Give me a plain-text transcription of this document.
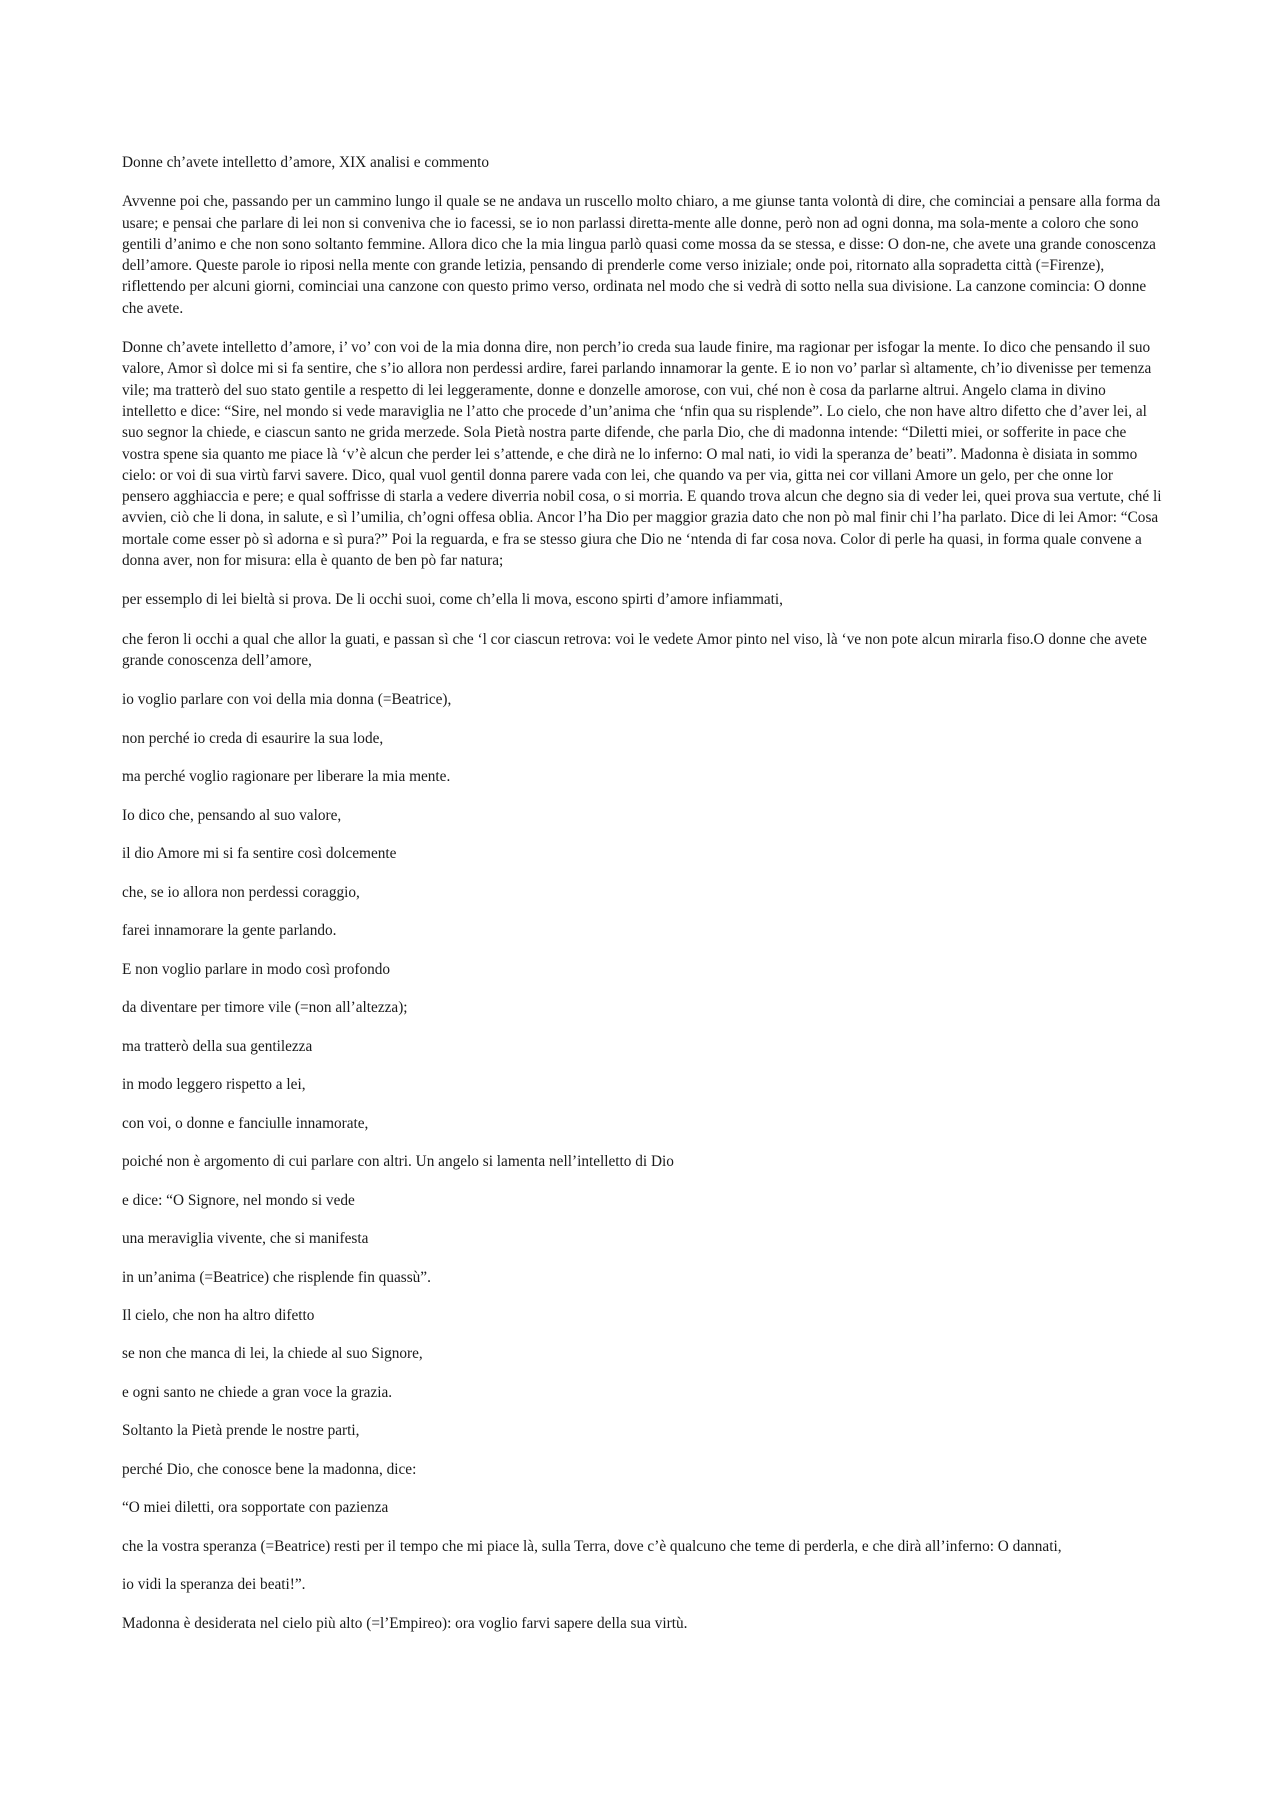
Donne ch’avete intelletto d’amore, XIX analisi e commento

Avvenne poi che, passando per un cammino lungo il quale se ne andava un ruscello molto chiaro, a me giunse tanta volontà di dire, che cominciai a pensare alla forma da usare; e pensai che parlare di lei non si conveniva che io facessi, se io non parlassi diretta-mente alle donne, però non ad ogni donna, ma sola-mente a coloro che sono gentili d’animo e che non sono soltanto femmine. Allora dico che la mia lingua parlò quasi come mossa da se stessa, e disse: O don-ne, che avete una grande conoscenza dell’amore. Queste parole io riposi nella mente con grande letizia, pensando di prenderle come verso iniziale; onde poi, ritornato alla sopradetta città (=Firenze), riflettendo per alcuni giorni, cominciai una canzone con questo primo verso, ordinata nel modo che si vedrà di sotto nella sua divisione. La canzone comincia: O donne che avete.

Donne ch’avete intelletto d’amore, i’ vo’ con voi de la mia donna dire, non perch’io creda sua laude finire, ma ragionar per isfogar la mente. Io dico che pensando il suo valore, Amor sì dolce mi si fa sentire, che s’io allora non perdessi ardire, farei parlando innamorar la gente. E io non vo’ parlar sì altamente, ch’io divenisse per temenza vile; ma tratterò del suo stato gentile a respetto di lei leggeramente, donne e donzelle amorose, con vui, ché non è cosa da parlarne altrui. Angelo clama in divino intelletto e dice: “Sire, nel mondo si vede maraviglia ne l’atto che procede d’un’anima che ‘nfin qua su risplende”. Lo cielo, che non have altro difetto che d’aver lei, al suo segnor la chiede, e ciascun santo ne grida merzede. Sola Pietà nostra parte difende, che parla Dio, che di madonna intende: “Diletti miei, or sofferite in pace che vostra spene sia quanto me piace là ‘v’è alcun che perder lei s’attende, e che dirà ne lo inferno: O mal nati, io vidi la speranza de’ beati”. Madonna è disiata in sommo cielo: or voi di sua virtù farvi savere. Dico, qual vuol gentil donna parere vada con lei, che quando va per via, gitta nei cor villani Amore un gelo, per che onne lor pensero agghiaccia e pere; e qual soffrisse di starla a vedere diverria nobil cosa, o si morria. E quando trova alcun che degno sia di veder lei, quei prova sua vertute, ché li avvien, ciò che li dona, in salute, e sì l’umilia, ch’ogni offesa oblia. Ancor l’ha Dio per maggior grazia dato che non pò mal finir chi l’ha parlato. Dice di lei Amor: “Cosa mortale come esser pò sì adorna e sì pura?” Poi la reguarda, e fra se stesso giura che Dio ne ‘ntenda di far cosa nova. Color di perle ha quasi, in forma quale convene a donna aver, non for misura: ella è quanto de ben pò far natura;

per essemplo di lei bieltà si prova. De li occhi suoi, come ch’ella li mova, escono spirti d’amore infiammati,

che feron li occhi a qual che allor la guati, e passan sì che ‘l cor ciascun retrova: voi le vedete Amor pinto nel viso, là ‘ve non pote alcun mirarla fiso.O donne che avete grande conoscenza dell’amore,

io voglio parlare con voi della mia donna (=Beatrice),

non perché io creda di esaurire la sua lode,

ma perché voglio ragionare per liberare la mia mente.

Io dico che, pensando al suo valore,

il dio Amore mi si fa sentire così dolcemente

che, se io allora non perdessi coraggio,

farei innamorare la gente parlando.

E non voglio parlare in modo così profondo

da diventare per timore vile (=non all’altezza);

ma tratterò della sua gentilezza

in modo leggero rispetto a lei,

con voi, o donne e fanciulle innamorate,

poiché non è argomento di cui parlare con altri. Un angelo si lamenta nell’intelletto di Dio

e dice: “O Signore, nel mondo si vede

una meraviglia vivente, che si manifesta

in un’anima (=Beatrice) che risplende fin quassù”.

Il cielo, che non ha altro difetto

se non che manca di lei, la chiede al suo Signore,

e ogni santo ne chiede a gran voce la grazia.

Soltanto la Pietà prende le nostre parti,

perché Dio, che conosce bene la madonna, dice:

“O miei diletti, ora sopportate con pazienza

che la vostra speranza (=Beatrice) resti per il tempo che mi piace là, sulla Terra, dove c’è qualcuno che teme di perderla, e che dirà all’inferno: O dannati,

io vidi la speranza dei beati!”.

Madonna è desiderata nel cielo più alto (=l’Empireo): ora voglio farvi sapere della sua virtù.
